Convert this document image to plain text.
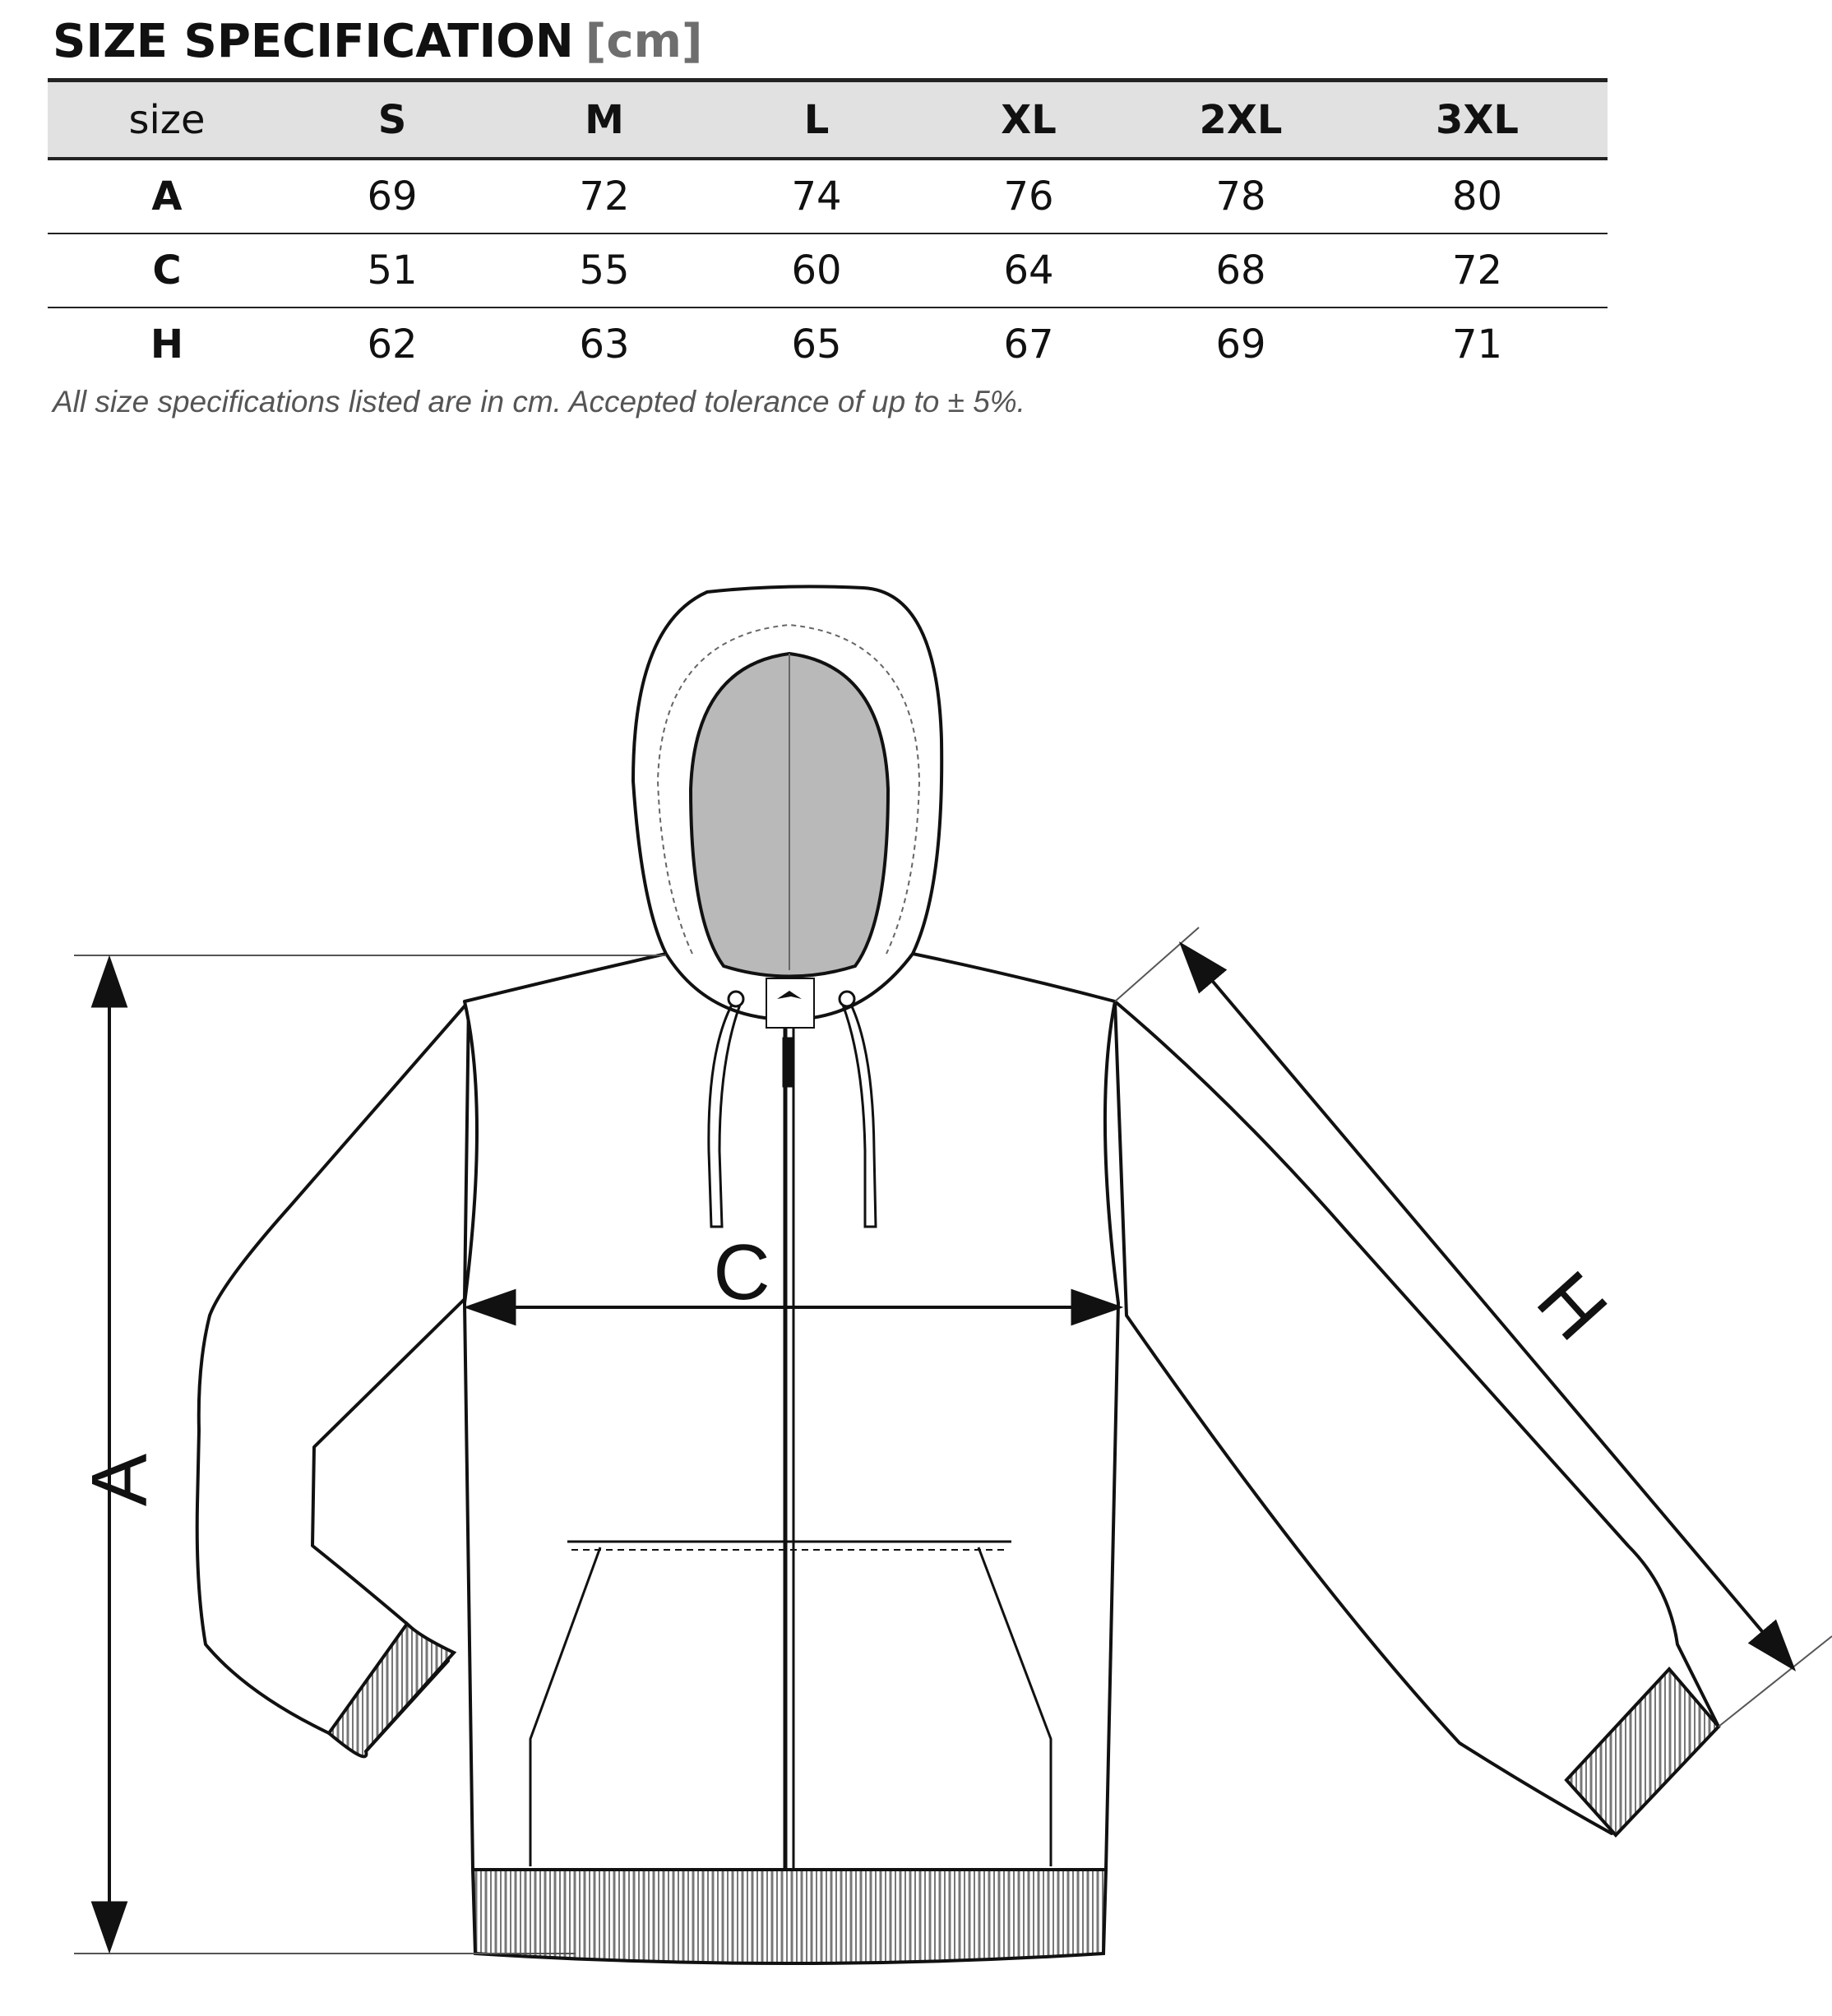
SIZE SPECIFICATION [cm]
size	S	M	L	XL	2XL	3XL
A	69	72	74	76	78	80
C	51	55	60	64	68	72
H	62	63	65	67	69	71
All size specifications listed are in cm. Accepted tolerance of up to ± 5%.
A
C	H
